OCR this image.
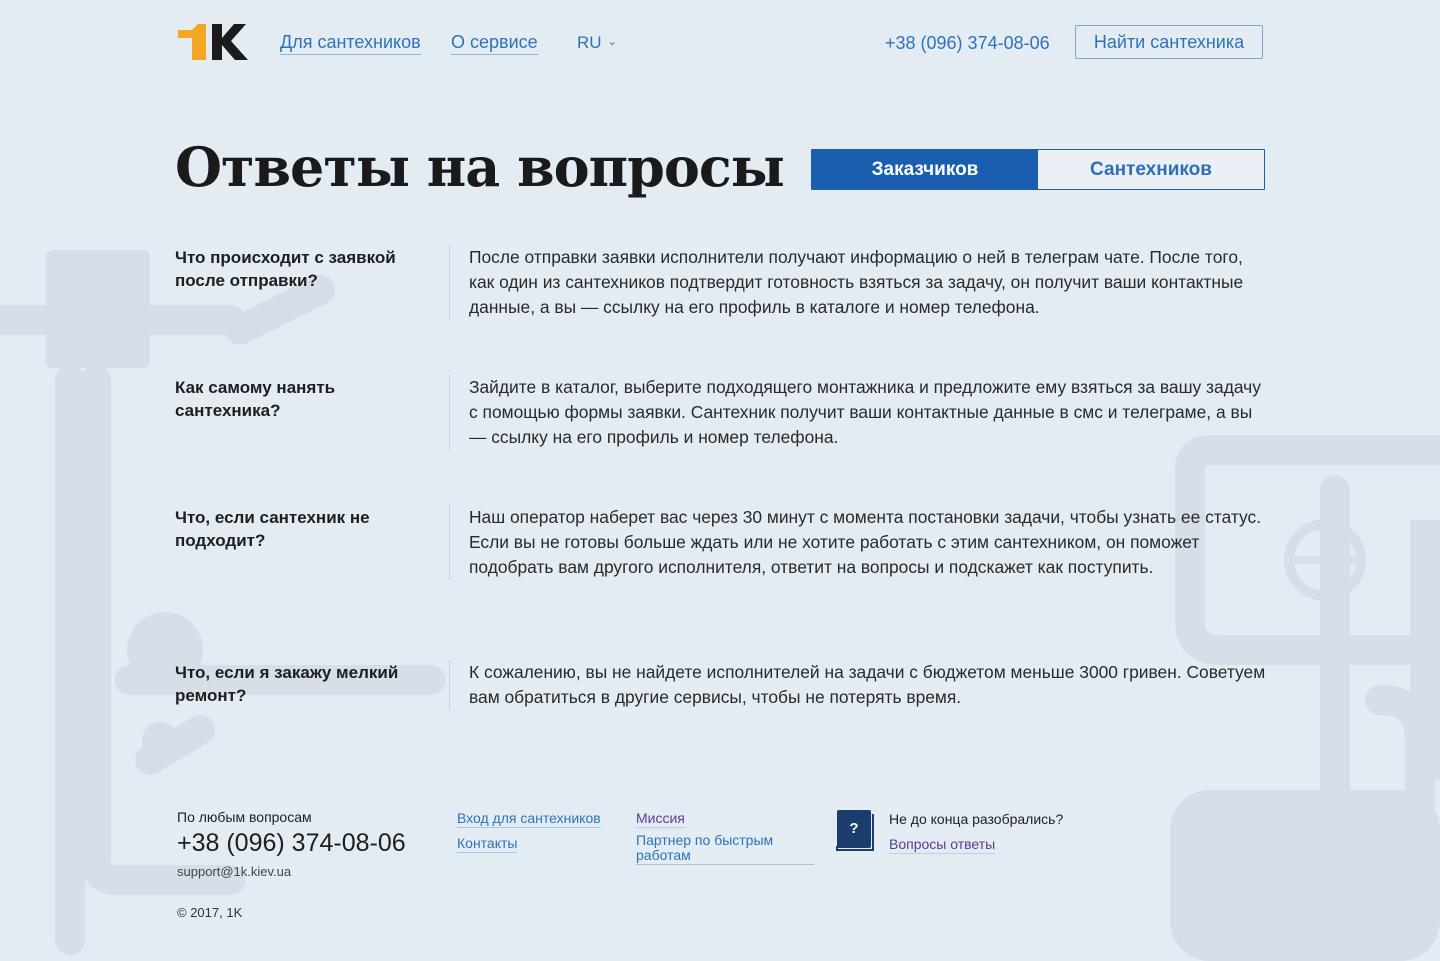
Для сантехников О сервисе RU ⌄	+38 (096) 374-08-06	Найти сантехника
Ответы на вопросы	Заказчиков	Сантехников
Что происходит с заявкой после отправки?
После отправки заявки исполнители получают информацию о ней в телеграм чате. После того, как один из сантехников подтвердит готовность взяться за задачу, он получит ваши контактные данные, а вы — ссылку на его профиль в каталоге и номер телефона.
Как самому нанять сантехника?
Зайдите в каталог, выберите подходящего монтажника и предложите ему взяться за вашу задачу с помощью формы заявки. Сантехник получит ваши контактные данные в смс и телеграме, а вы — ссылку на его профиль и номер телефона.
Что, если сантехник не подходит?
Наш оператор наберет вас через 30 минут с момента постановки задачи, чтобы узнать ее статус. Если вы не готовы больше ждать или не хотите работать с этим сантехником, он поможет подобрать вам другого исполнителя, ответит на вопросы и подскажет как поступить.
Что, если я закажу мелкий ремонт?
К сожалению, вы не найдете исполнителей на задачи с бюджетом меньше 3000 гривен. Советуем вам обратиться в другие сервисы, чтобы не потерять время.
По любым вопросам
+38 (096) 374-08-06
support@1k.kiev.ua
© 2017, 1K
Вход для сантехников
Контакты
Миссия
Партнер по быстрым работам
?
Не до конца разобрались?
Вопросы ответы
